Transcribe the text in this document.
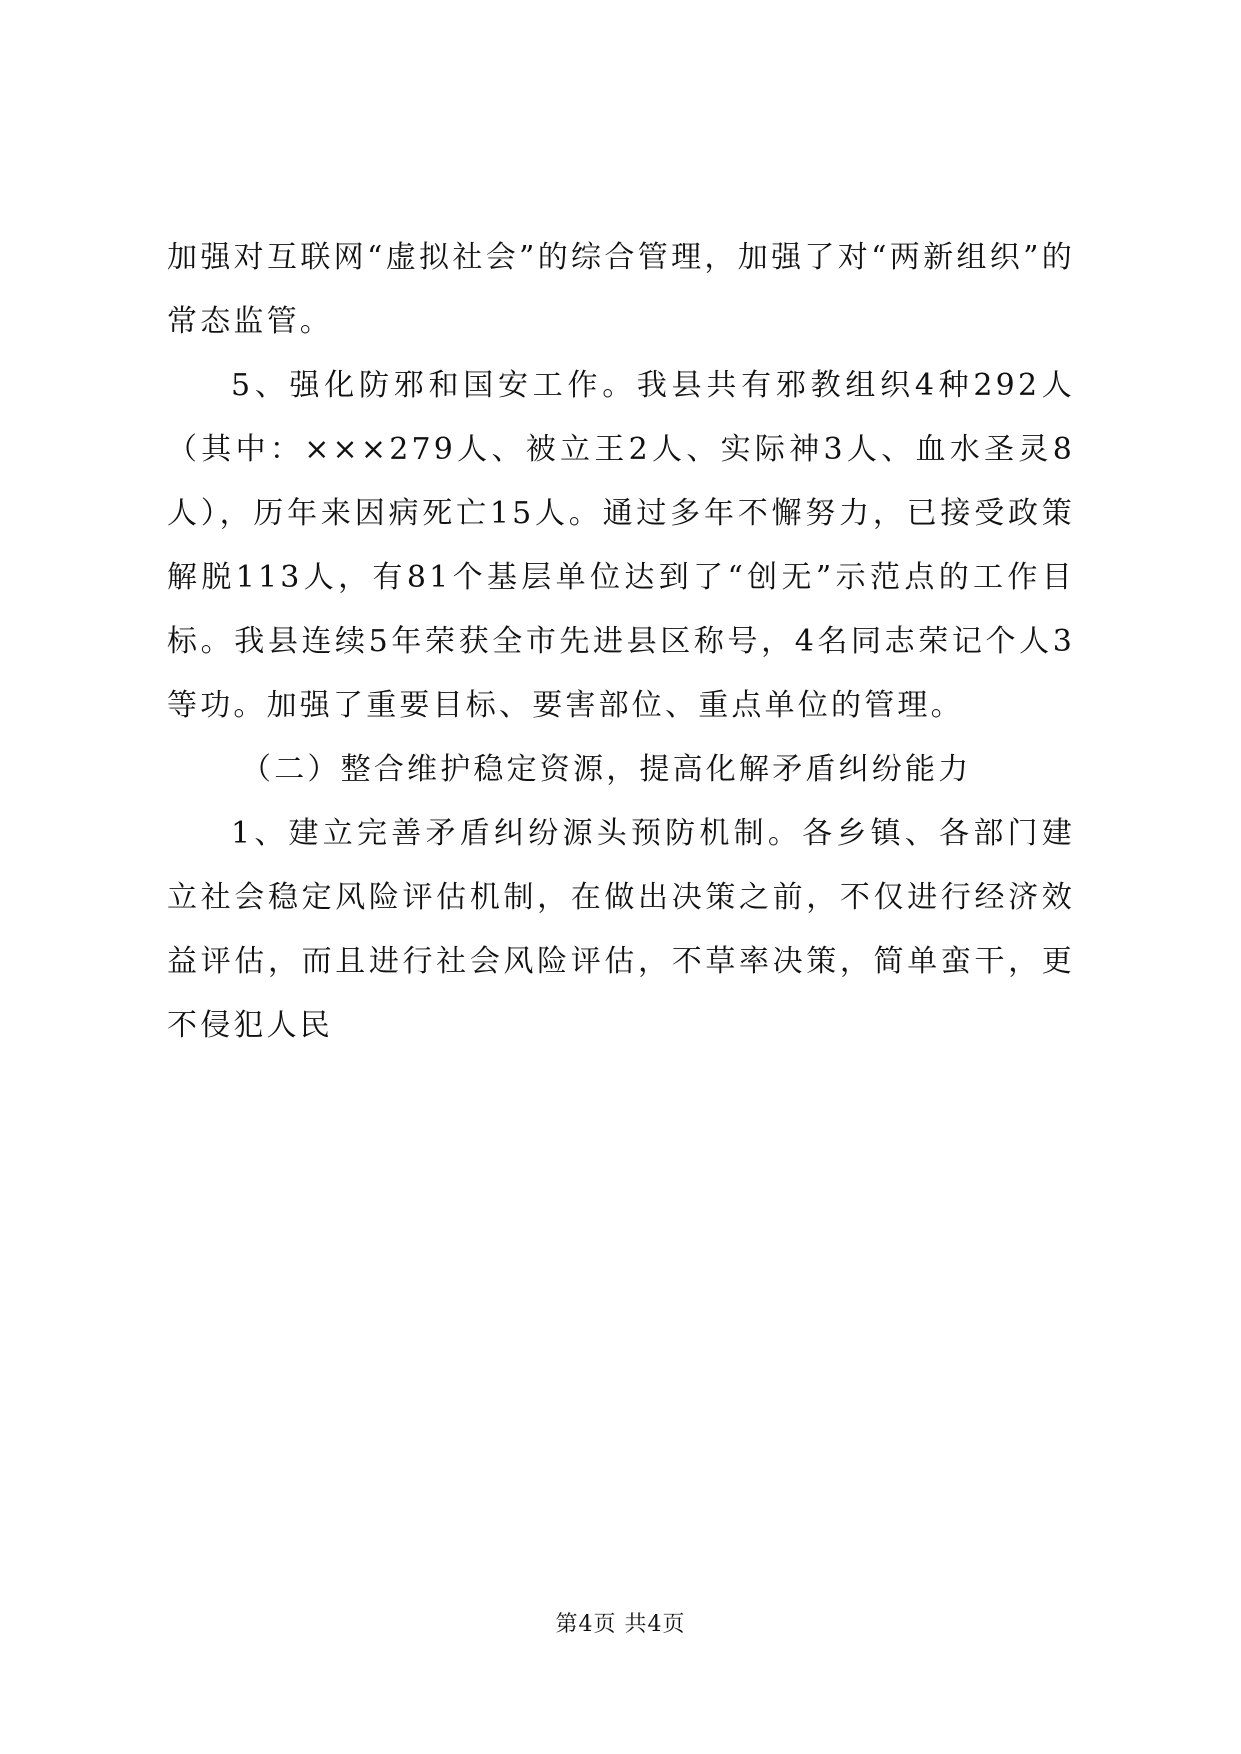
加强对互联网“虚拟社会”的综合管理，加强了对“两新组织”的常态监管。

5、强化防邪和国安工作。我县共有邪教组织4种292人（其中：×××279人、被立王2人、实际神3人、血水圣灵8人），历年来因病死亡15人。通过多年不懈努力，已接受政策解脱113人，有81个基层单位达到了“创无”示范点的工作目标。我县连续5年荣获全市先进县区称号，4名同志荣记个人3等功。加强了重要目标、要害部位、重点单位的管理。

（二）整合维护稳定资源，提高化解矛盾纠纷能力

1、建立完善矛盾纠纷源头预防机制。各乡镇、各部门建立社会稳定风险评估机制，在做出决策之前，不仅进行经济效益评估，而且进行社会风险评估，不草率决策，简单蛮干，更不侵犯人民

第4页 共4页
